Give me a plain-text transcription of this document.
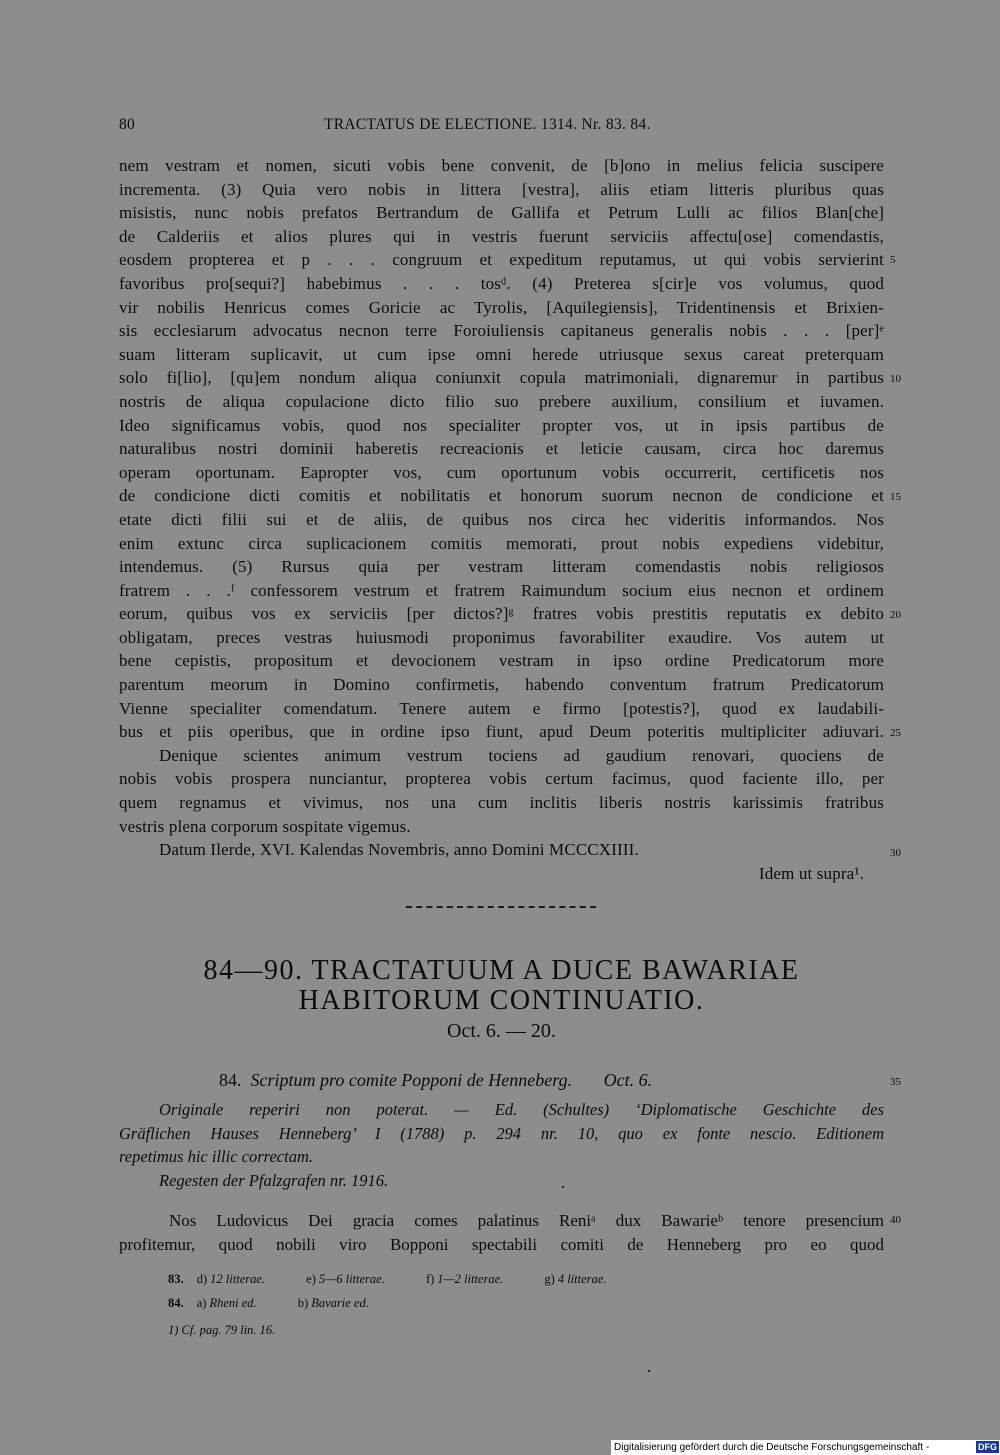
80	TRACTATUS DE ELECTIONE. 1314. Nr. 83. 84.
nem vestram et nomen, sicuti vobis bene convenit, de [b]ono in melius felicia suscipere
incrementa. (3) Quia vero nobis in littera [vestra], aliis etiam litteris pluribus quas
misistis, nunc nobis prefatos Bertrandum de Gallifa et Petrum Lulli ac filios Blan[che]
de Calderiis et alios plures qui in vestris fuerunt serviciis affectu[ose] comendastis,
eosdem propterea et p . . . congruum et expeditum reputamus, ut qui vobis servierint
favoribus pro[sequi?] habebimus . . . tosᵈ. (4) Preterea s[cir]e vos volumus, quod
vir nobilis Henricus comes Goricie ac Tyrolis, [Aquilegiensis], Tridentinensis et Brixien-
sis ecclesiarum advocatus necnon terre Foroiuliensis capitaneus generalis nobis . . . [per]ᵉ
suam litteram suplicavit, ut cum ipse omni herede utriusque sexus careat preterquam
solo fi[lio], [qu]em nondum aliqua coniunxit copula matrimoniali, dignaremur in partibus
nostris de aliqua copulacione dicto filio suo prebere auxilium, consilium et iuvamen.
Ideo significamus vobis, quod nos specialiter propter vos, ut in ipsis partibus de
naturalibus nostri dominii haberetis recreacionis et leticie causam, circa hoc daremus
operam oportunam. Eapropter vos, cum oportunum vobis occurrerit, certificetis nos
de condicione dicti comitis et nobilitatis et honorum suorum necnon de condicione et
etate dicti filii sui et de aliis, de quibus nos circa hec videritis informandos. Nos
enim extunc circa suplicacionem comitis memorati, prout nobis expediens videbitur,
intendemus. (5) Rursus quia per vestram litteram comendastis nobis religiosos
fratrem . . .ᶠ confessorem vestrum et fratrem Raimundum socium eius necnon et ordinem
eorum, quibus vos ex serviciis [per dictos?]ᵍ fratres vobis prestitis reputatis ex debito
obligatam, preces vestras huiusmodi proponimus favorabiliter exaudire. Vos autem ut
bene cepistis, propositum et devocionem vestram in ipso ordine Predicatorum more
parentum meorum in Domino confirmetis, habendo conventum fratrum Predicatorum
Vienne specialiter comendatum. Tenere autem e firmo [potestis?], quod ex laudabili-
bus et piis operibus, que in ordine ipso fiunt, apud Deum poteritis multipliciter adiuvari.
Denique scientes animum vestrum tociens ad gaudium renovari, quociens de
nobis vobis prospera nunciantur, propterea vobis certum facimus, quod faciente illo, per
quem regnamus et vivimus, nos una cum inclitis liberis nostris karissimis fratribus
vestris plena corporum sospitate vigemus.
Datum Ilerde, XVI. Kalendas Novembris, anno Domini MCCCXIIII.
Idem ut supra¹.
5
10
15
20
25
30
35
40
84—90. TRACTATUUM A DUCE BAWARIAE
HABITORUM CONTINUATIO.
Oct. 6. — 20.
84. Scriptum pro comite Popponi de Henneberg. Oct. 6.
Originale reperiri non poterat. — Ed. (Schultes) ‘Diplomatische Geschichte des
Gräflichen Hauses Henneberg’ I (1788) p. 294 nr. 10, quo ex fonte nescio. Editionem
repetimus hic illic correctam.
Regesten der Pfalzgrafen nr. 1916.
Nos Ludovicus Dei gracia comes palatinus Reniᵃ dux Bawarieᵇ tenore presencium
profitemur, quod nobili viro Bopponi spectabili comiti de Henneberg pro eo quod
83. d) 12 litterae.	e) 5—6 litterae.	f) 1—2 litterae.	g) 4 litterae.
84. a) Rheni ed.	b) Bavarie ed.
1) Cf. pag. 79 lin. 16.
Digitalisierung gefördert durch die Deutsche Forschungsgemeinschaft -	DFG
